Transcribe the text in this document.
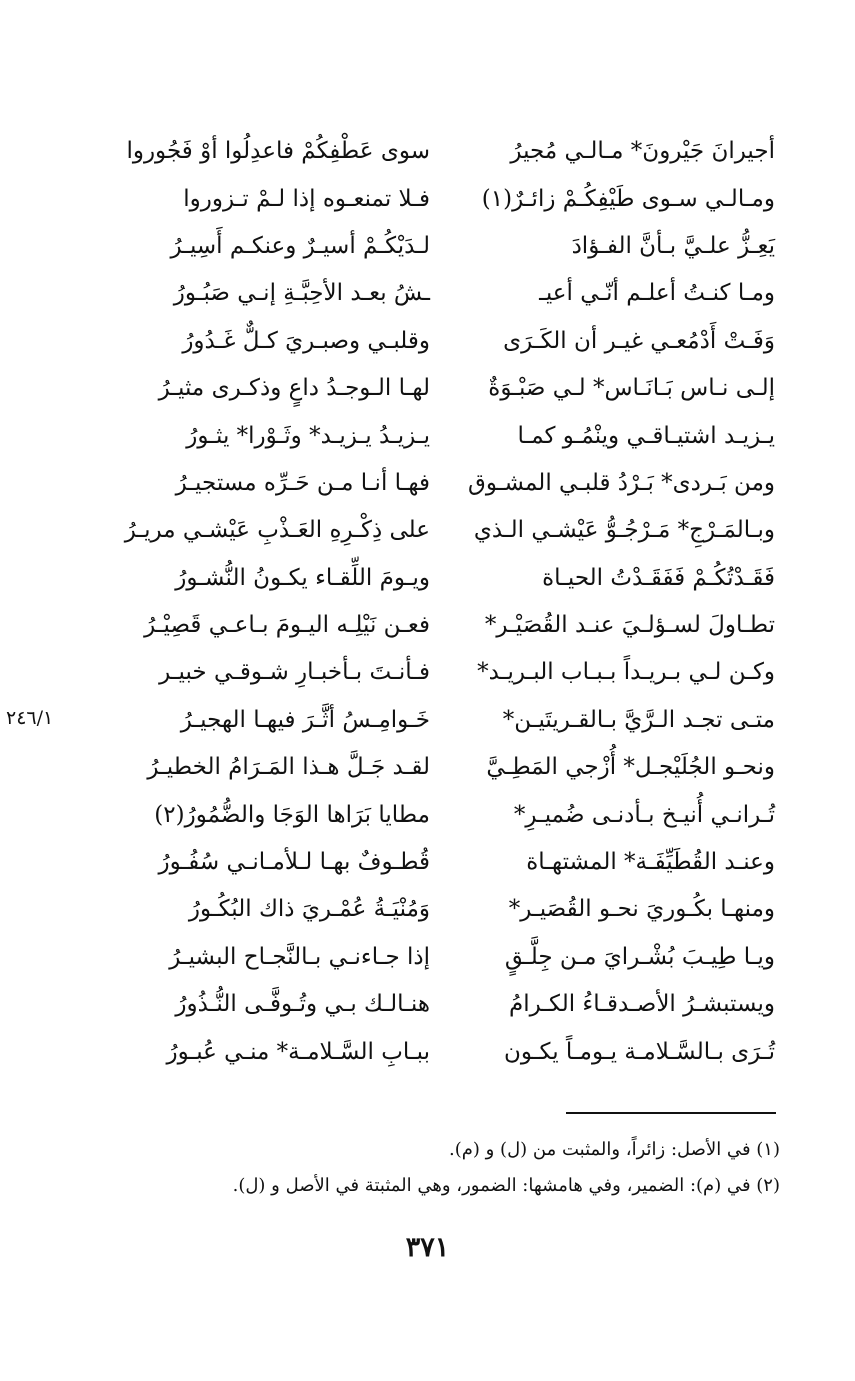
أجيرانَ جَيْرونَ* مـالـي مُجيرُ
سوى عَطْفِكُمْ فاعدِلُوا أوْ فَجُوروا
ومـالـي سـوى طَيْفِكُـمْ زائـرٌ(١)
فـلا تمنعـوه إذا لـمْ تـزوروا
يَعِـزُّ علـيَّ بـأنَّ الفـؤادَ
لـدَيْكُـمْ أسيـرٌ وعنكـم أَسِيـرُ
ومـا كنـتُ أعلـم أنّـي أعيـ
ـشُ بعـد الأحِبَّـةِ إنـي صَبُـورُ
وَفَـتْ أَدْمُعـي غيـر أن الكَـرَى
وقلبـي وصبـريَ كـلٌّ غَـدُورُ
إلـى نـاس بَـانَـاس* لـي صَبْـوَةٌ
لهـا الـوجـدُ داعٍ وذكـرى مثيـرُ
يـزيـد اشتيـاقـي وينْمُـو كمـا
يـزيـدُ يـزيـد* وثَـوْرا* يثـورُ
ومن بَـردى* بَـرْدُ قلبـي المشـوق
فهـا أنـا مـن حَـرِّه مستجيـرُ
وبـالمَـرْجِ* مَـرْجُـوُّ عَيْشـي الـذي
على ذِكْـرِهِ العَـذْبِ عَيْشـي مريـرُ
فَقَـدْتُكُـمْ فَفَقَـدْتُ الحيـاة
ويـومَ اللِّقـاء يكـونُ النُّشـورُ
تطـاولَ لسـؤلـيَ عنـد القُصَيْـر*
فعـن نَيْلِـه اليـومَ بـاعـي قَصِيْـرُ
وكـن لـي بـريـداً بـبـاب البـريـد*
فـأنـتَ بـأخبـارِ شـوقـي خبيـر
متـى تجـد الـرَّيَّ بـالقـريتَيـن*
خَـوامِـسُ أثَّـرَ فيهـا الهجيـرُ
ونحـو الجُلَيْجـل* أُزْجي المَطِـيَّ
لقـد جَـلَّ هـذا المَـرَامُ الخطيـرُ
تُـرانـي أُنيـخ بـأدنـى ضُميـرِ*
مطايا بَرَاها الوَجَا والضُّمُورُ(٢)
وعنـد القُطَيِّفَـة* المشتهـاة
قُطـوفٌ بهـا لـلأمـانـي سُفُـورُ
ومنهـا بكُـوريَ نحـو القُصَيـر*
وَمُنْيَـةُ عُمْـريَ ذاك البُكُـورُ
ويـا طِيـبَ بُشْـرايَ مـن جِلَّـقٍ
إذا جـاءنـي بـالنَّجـاح البشيـرُ
ويستبشـرُ الأصـدقـاءُ الكـرامُ
هنـالـك بـي وتُـوفَّـى النُّـذُورُ
تُـرَى بـالسَّـلامـة يـومـاً يكـون
ببـابِ السَّـلامـة* منـي عُبـورُ
٢٤٦/١
(١) في الأصل: زائراً، والمثبت من (ل) و (م).
(٢) في (م): الضمير، وفي هامشها: الضمور، وهي المثبتة في الأصل و (ل).
٣٧١
